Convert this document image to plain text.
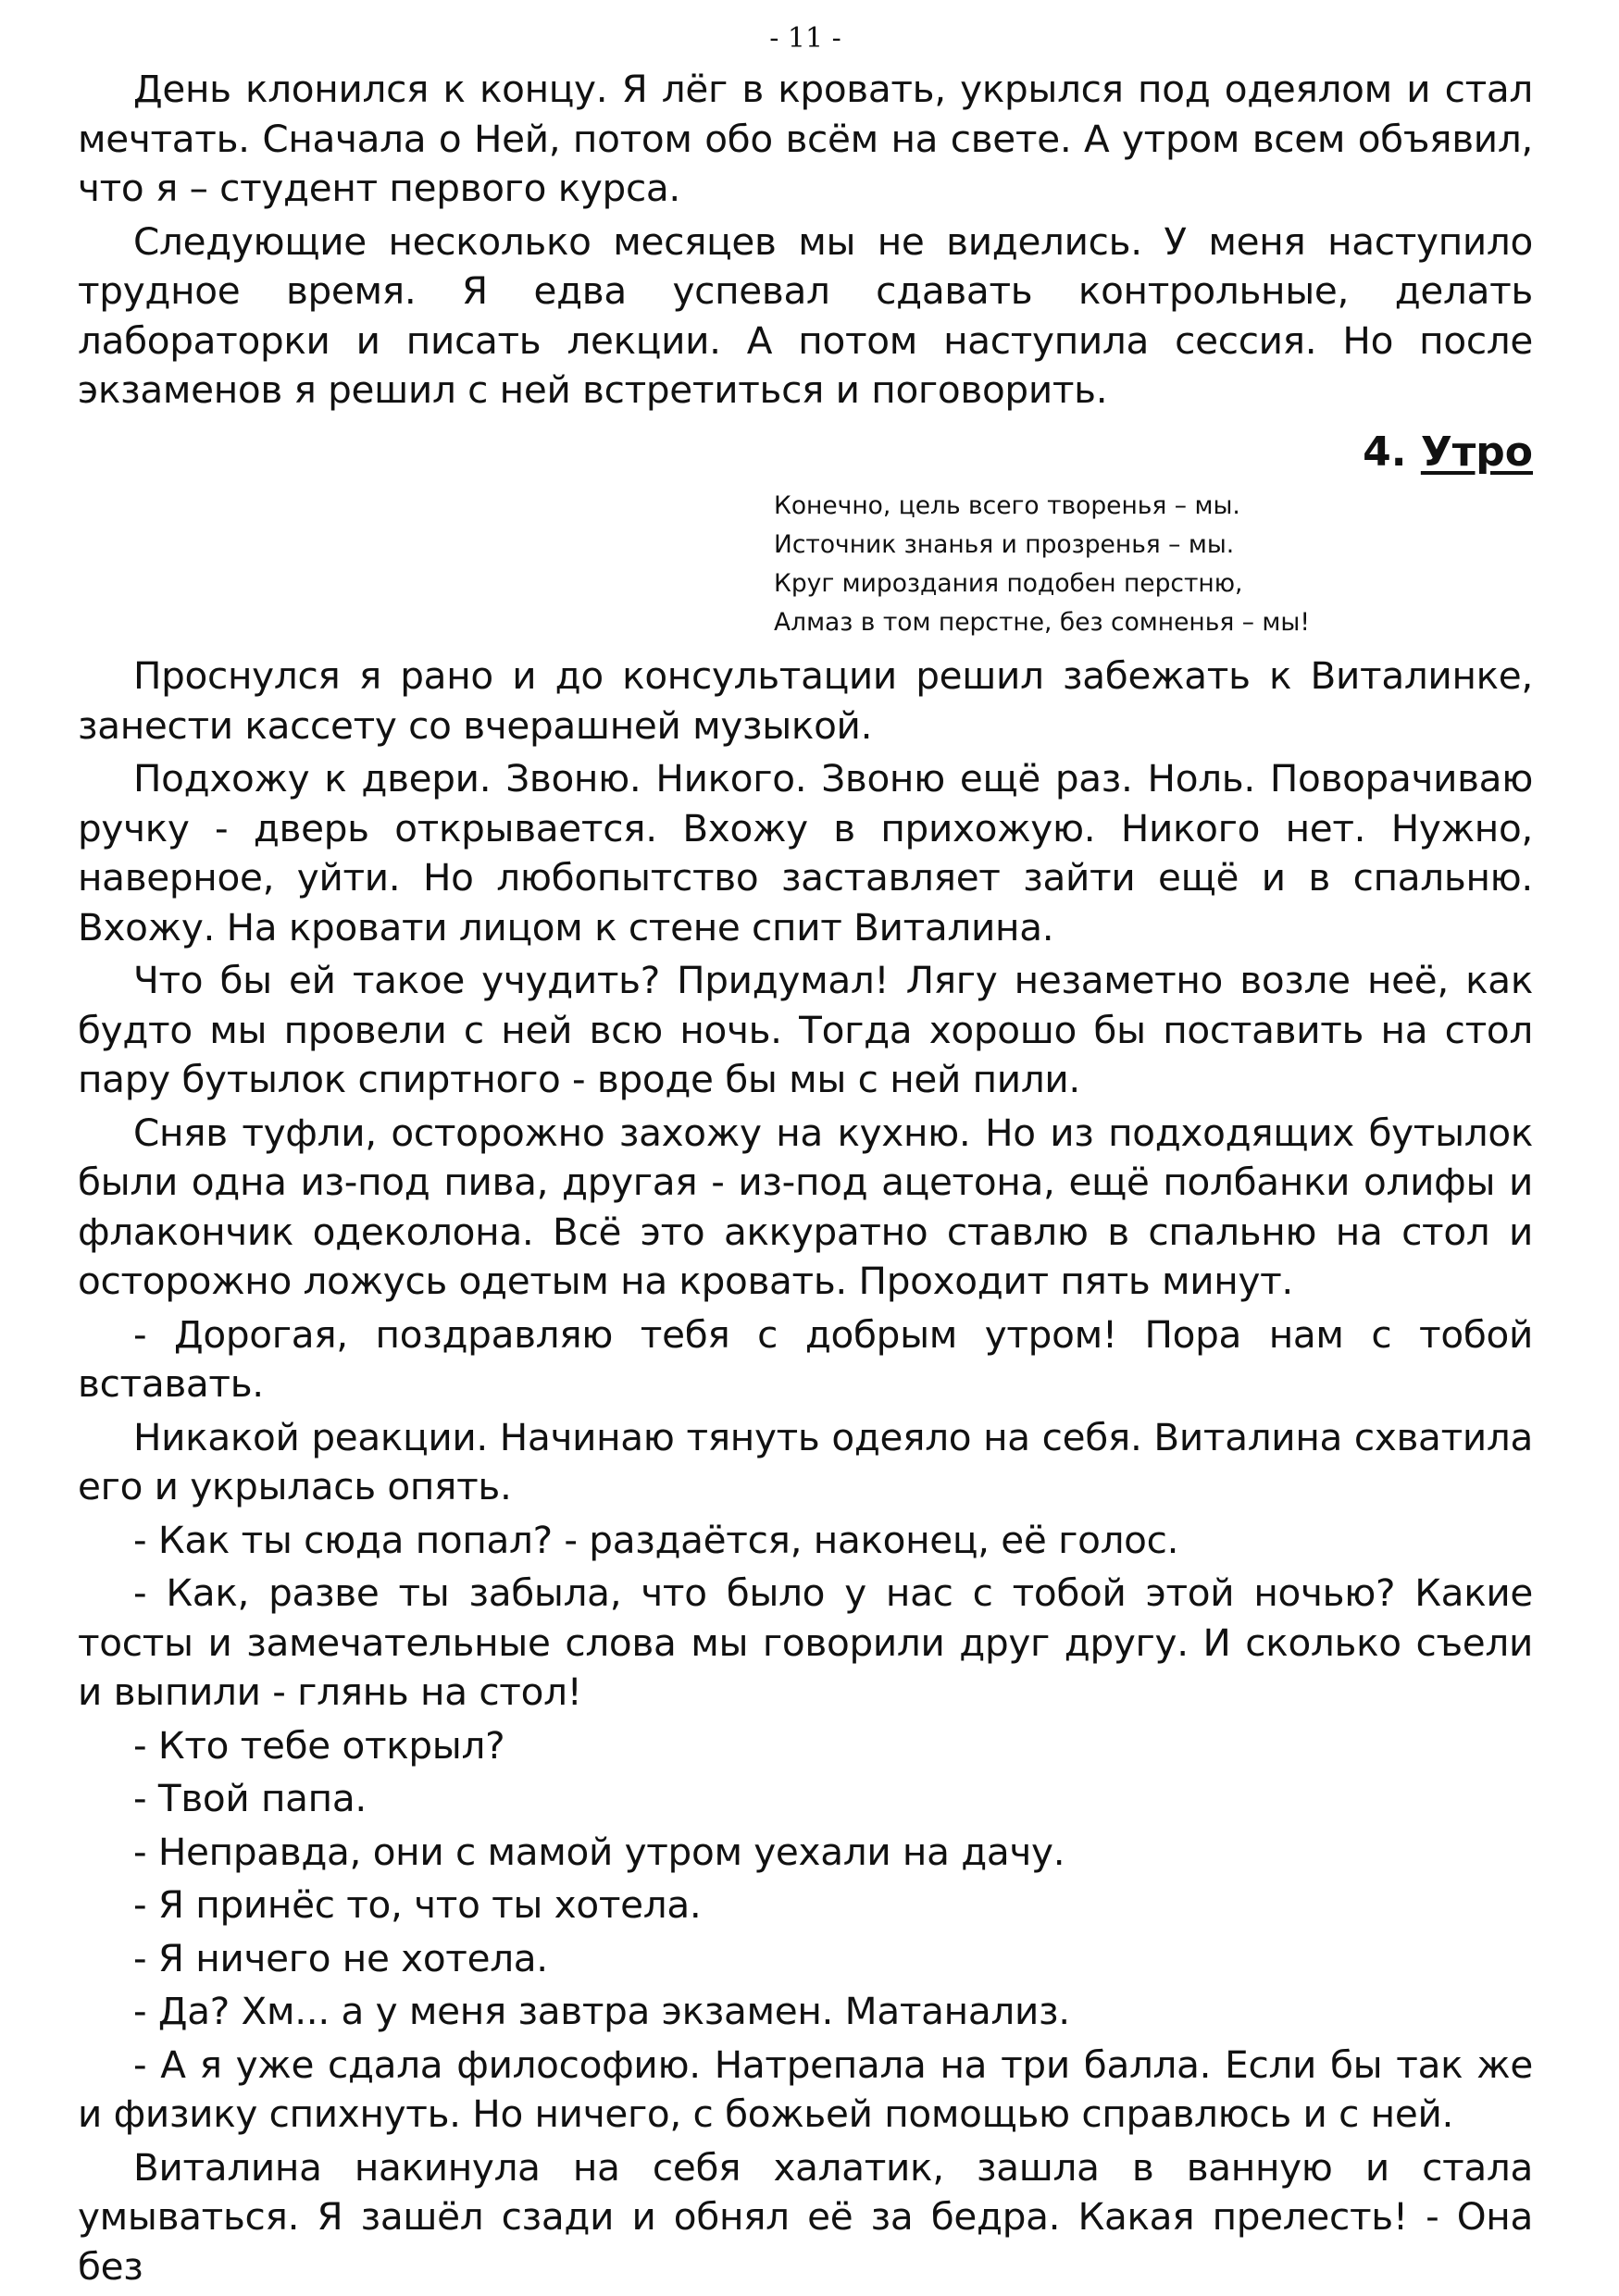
- 11 -

День клонился к концу. Я лёг в кровать, укрылся под одеялом и стал мечтать. Сначала о Ней, потом обо всём на свете. А утром всем объявил, что я – студент первого курса.

Следующие несколько месяцев мы не виделись. У меня наступило трудное время. Я едва успевал сдавать контрольные, делать лабораторки и писать лекции. А потом наступила сессия. Но после экзаменов я решил с ней встретиться и поговорить.

4. Утро
Конечно, цель всего творенья – мы.
Источник знанья и прозренья – мы.
Круг мироздания подобен перстню,
Алмаз в том перстне, без сомненья – мы!

Проснулся я рано и до консультации решил забежать к Виталинке, занести кассету со вчерашней музыкой.

Подхожу к двери. Звоню. Никого. Звоню ещё раз. Ноль. Поворачиваю ручку - дверь открывается. Вхожу в прихожую. Никого нет. Нужно, наверное, уйти. Но любопытство заставляет зайти ещё и в спальню. Вхожу. На кровати лицом к стене спит Виталина.

Что бы ей такое учудить? Придумал! Лягу незаметно возле неё, как будто мы провели с ней всю ночь. Тогда хорошо бы поставить на стол пару бутылок спиртного - вроде бы мы с ней пили.

Сняв туфли, осторожно захожу на кухню. Но из подходящих бутылок были одна из-под пива, другая - из-под ацетона, ещё полбанки олифы и флакончик одеколона. Всё это аккуратно ставлю в спальню на стол и осторожно ложусь одетым на кровать. Проходит пять минут.

- Дорогая, поздравляю тебя с добрым утром! Пора нам с тобой вставать.

Никакой реакции. Начинаю тянуть одеяло на себя. Виталина схватила его и укрылась опять.

- Как ты сюда попал? - раздаётся, наконец, её голос.

- Как, разве ты забыла, что было у нас с тобой этой ночью? Какие тосты и замечательные слова мы говорили друг другу. И сколько съели и выпили - глянь на стол!

- Кто тебе открыл?

- Твой папа.

- Неправда, они с мамой утром уехали на дачу.

- Я принёс то, что ты хотела.

- Я ничего не хотела.

- Да? Хм... а у меня завтра экзамен. Матанализ.

- А я уже сдала философию. Натрепала на три балла. Если бы так же и физику спихнуть. Но ничего, с божьей помощью справлюсь и с ней.

Виталина накинула на себя халатик, зашла в ванную и стала умываться. Я зашёл сзади и обнял её за бедра. Какая прелесть! - Она без
